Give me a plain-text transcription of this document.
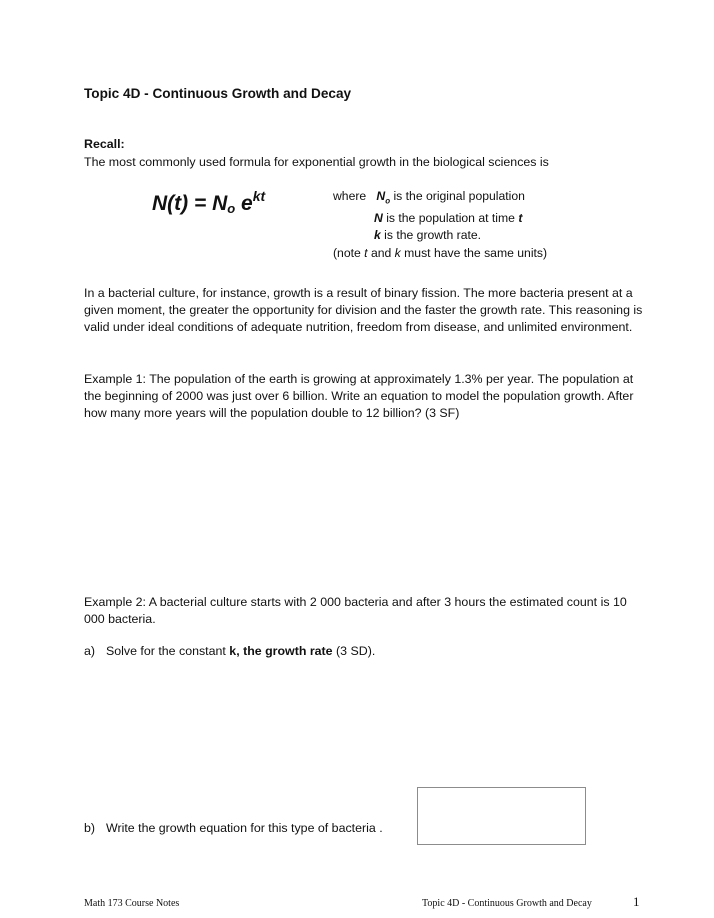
Topic 4D - Continuous Growth and Decay
Recall:
The most commonly used formula for exponential growth in the biological sciences is
$N(t) = N_o$ $e^{kt}$	where $N_o$ is the original population
N is the population at time t
k is the growth rate.
(note t and k must have the same units)
In a bacterial culture, for instance, growth is a result of binary fission. The more bacteria present at a given moment, the greater the opportunity for division and the faster the growth rate. This reasoning is valid under ideal conditions of adequate nutrition, freedom from disease, and unlimited environment.
Example 1: The population of the earth is growing at approximately 1.3% per year. The population at the beginning of 2000 was just over 6 billion. Write an equation to model the population growth. After how many more years will the population double to 12 billion? (3 SF)
Example 2: A bacterial culture starts with 2 000 bacteria and after 3 hours the estimated count is 10 000 bacteria.
a) Solve for the constant k, the growth rate (3 SD).
b) Write the growth equation for this type of bacteria .
Math 173 Course Notes	Topic 4D - Continuous Growth and Decay	1
